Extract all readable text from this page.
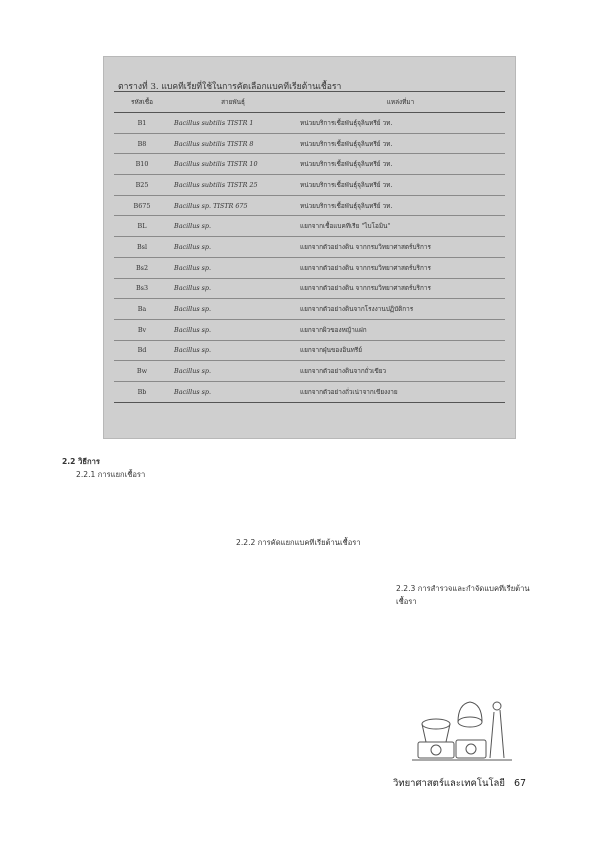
ตารางที่ 3. แบคทีเรียที่ใช้ในการคัดเลือกแบคทีเรียต้านเชื้อรา
รหัสเชื้อ	สายพันธุ์	แหล่งที่มา
B1	Bacillus subtilis TISTR 1	หน่วยบริการเชื้อพันธุ์จุลินทรีย์ วท.
B8	Bacillus subtilis TISTR 8	หน่วยบริการเชื้อพันธุ์จุลินทรีย์ วท.
B10	Bacillus subtilis TISTR 10	หน่วยบริการเชื้อพันธุ์จุลินทรีย์ วท.
B25	Bacillus subtilis TISTR 25	หน่วยบริการเชื้อพันธุ์จุลินทรีย์ วท.
B675	Bacillus sp. TISTR 675	หน่วยบริการเชื้อพันธุ์จุลินทรีย์ วท.
BL	Bacillus sp.	แยกจากเชื้อแบคทีเรีย "ไบโอมิน"
Bsl	Bacillus sp.	แยกจากตัวอย่างดิน จากกรมวิทยาศาสตร์บริการ
Bs2	Bacillus sp.	แยกจากตัวอย่างดิน จากกรมวิทยาศาสตร์บริการ
Bs3	Bacillus sp.	แยกจากตัวอย่างดิน จากกรมวิทยาศาสตร์บริการ
Ba	Bacillus sp.	แยกจากตัวอย่างดินจากโรงงานปฏิบัติการ
Bv	Bacillus sp.	แยกจากผิวของหญ้าแฝก
Bd	Bacillus sp.	แยกจากฝุ่นของอินทรีย์
Bw	Bacillus sp.	แยกจากตัวอย่างดินจากถั่วเขียว
Bb	Bacillus sp.	แยกจากตัวอย่างถั่วเน่าจากเขียงงาย
2.2 วิธีการ
2.2.1 การแยกเชื้อรา
2.2.2 การคัดแยกแบคทีเรียต้านเชื้อรา
2.2.3 การสำรวจและกำจัดแบคทีเรียต้านเชื้อรา
วิทยาศาสตร์และเทคโนโลยี 67
